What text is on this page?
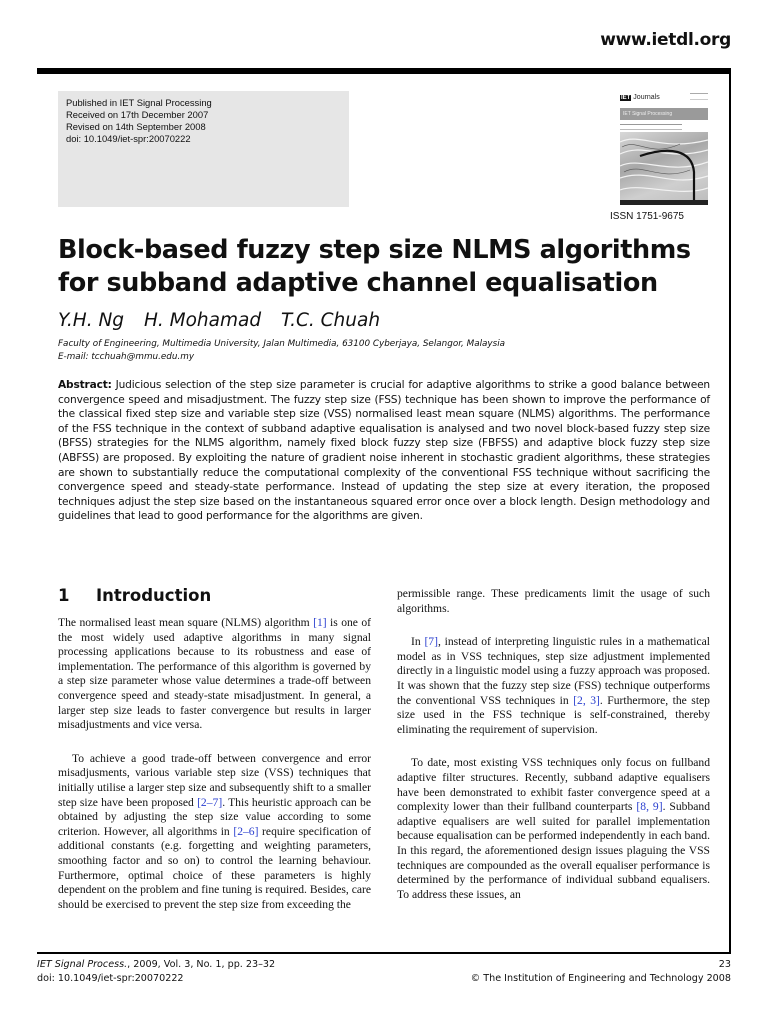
www.ietdl.org
Published in IET Signal Processing
Received on 17th December 2007
Revised on 14th September 2008
doi: 10.1049/iet-spr:20070222
IET Journals
IET Signal Processing
ISSN 1751-9675
Block-based fuzzy step size NLMS algorithms
for subband adaptive channel equalisation
Y.H. Ng H. Mohamad T.C. Chuah
Faculty of Engineering, Multimedia University, Jalan Multimedia, 63100 Cyberjaya, Selangor, Malaysia
E-mail: tcchuah@mmu.edu.my
Abstract: Judicious selection of the step size parameter is crucial for adaptive algorithms to strike a good balance between convergence speed and misadjustment. The fuzzy step size (FSS) technique has been shown to improve the performance of the classical fixed step size and variable step size (VSS) normalised least mean square (NLMS) algorithms. The performance of the FSS technique in the context of subband adaptive equalisation is analysed and two novel block-based fuzzy step size (BFSS) strategies for the NLMS algorithm, namely fixed block fuzzy step size (FBFSS) and adaptive block fuzzy step size (ABFSS) are proposed. By exploiting the nature of gradient noise inherent in stochastic gradient algorithms, these strategies are shown to substantially reduce the computational complexity of the conventional FSS technique without sacrificing the convergence speed and steady-state performance. Instead of updating the step size at every iteration, the proposed techniques adjust the step size based on the instantaneous squared error once over a block length. Design methodology and guidelines that lead to good performance for the algorithms are given.
1 Introduction

The normalised least mean square (NLMS) algorithm [1] is one of the most widely used adaptive algorithms in many signal processing applications because to its robustness and ease of implementation. The performance of this algorithm is governed by a step size parameter whose value determines a trade-off between convergence speed and steady-state misadjustment. In general, a larger step size leads to faster convergence but results in larger misadjustments and vice versa.

To achieve a good trade-off between convergence and error misadjusments, various variable step size (VSS) techniques that initially utilise a larger step size and subsequently shift to a smaller step size have been proposed [2–7]. This heuristic approach can be obtained by adjusting the step size value according to some criterion. However, all algorithms in [2–6] require specification of additional constants (e.g. forgetting and weighting parameters, smoothing factor and so on) to control the learning behaviour. Furthermore, optimal choice of these parameters is highly dependent on the problem and fine tuning is required. Besides, care should be exercised to prevent the step size from exceeding the

permissible range. These predicaments limit the usage of such algorithms.

In [7], instead of interpreting linguistic rules in a mathematical model as in VSS techniques, step size adjustment implemented directly in a linguistic model using a fuzzy approach was proposed. It was shown that the fuzzy step size (FSS) technique outperforms the conventional VSS techniques in [2, 3]. Furthermore, the step size used in the FSS technique is self-constrained, thereby eliminating the requirement of supervision.

To date, most existing VSS techniques only focus on fullband adaptive filter structures. Recently, subband adaptive equalisers have been demonstrated to exhibit faster convergence speed at a complexity lower than their fullband counterparts [8, 9]. Subband adaptive equalisers are well suited for parallel implementation because equalisation can be performed independently in each band. In this regard, the aforementioned design issues plaguing the VSS techniques are compounded as the overall equaliser performance is determined by the performance of individual subband equalisers. To address these issues, an

IET Signal Process., 2009, Vol. 3, No. 1, pp. 23–32
doi: 10.1049/iet-spr:20070222
23
© The Institution of Engineering and Technology 2008
